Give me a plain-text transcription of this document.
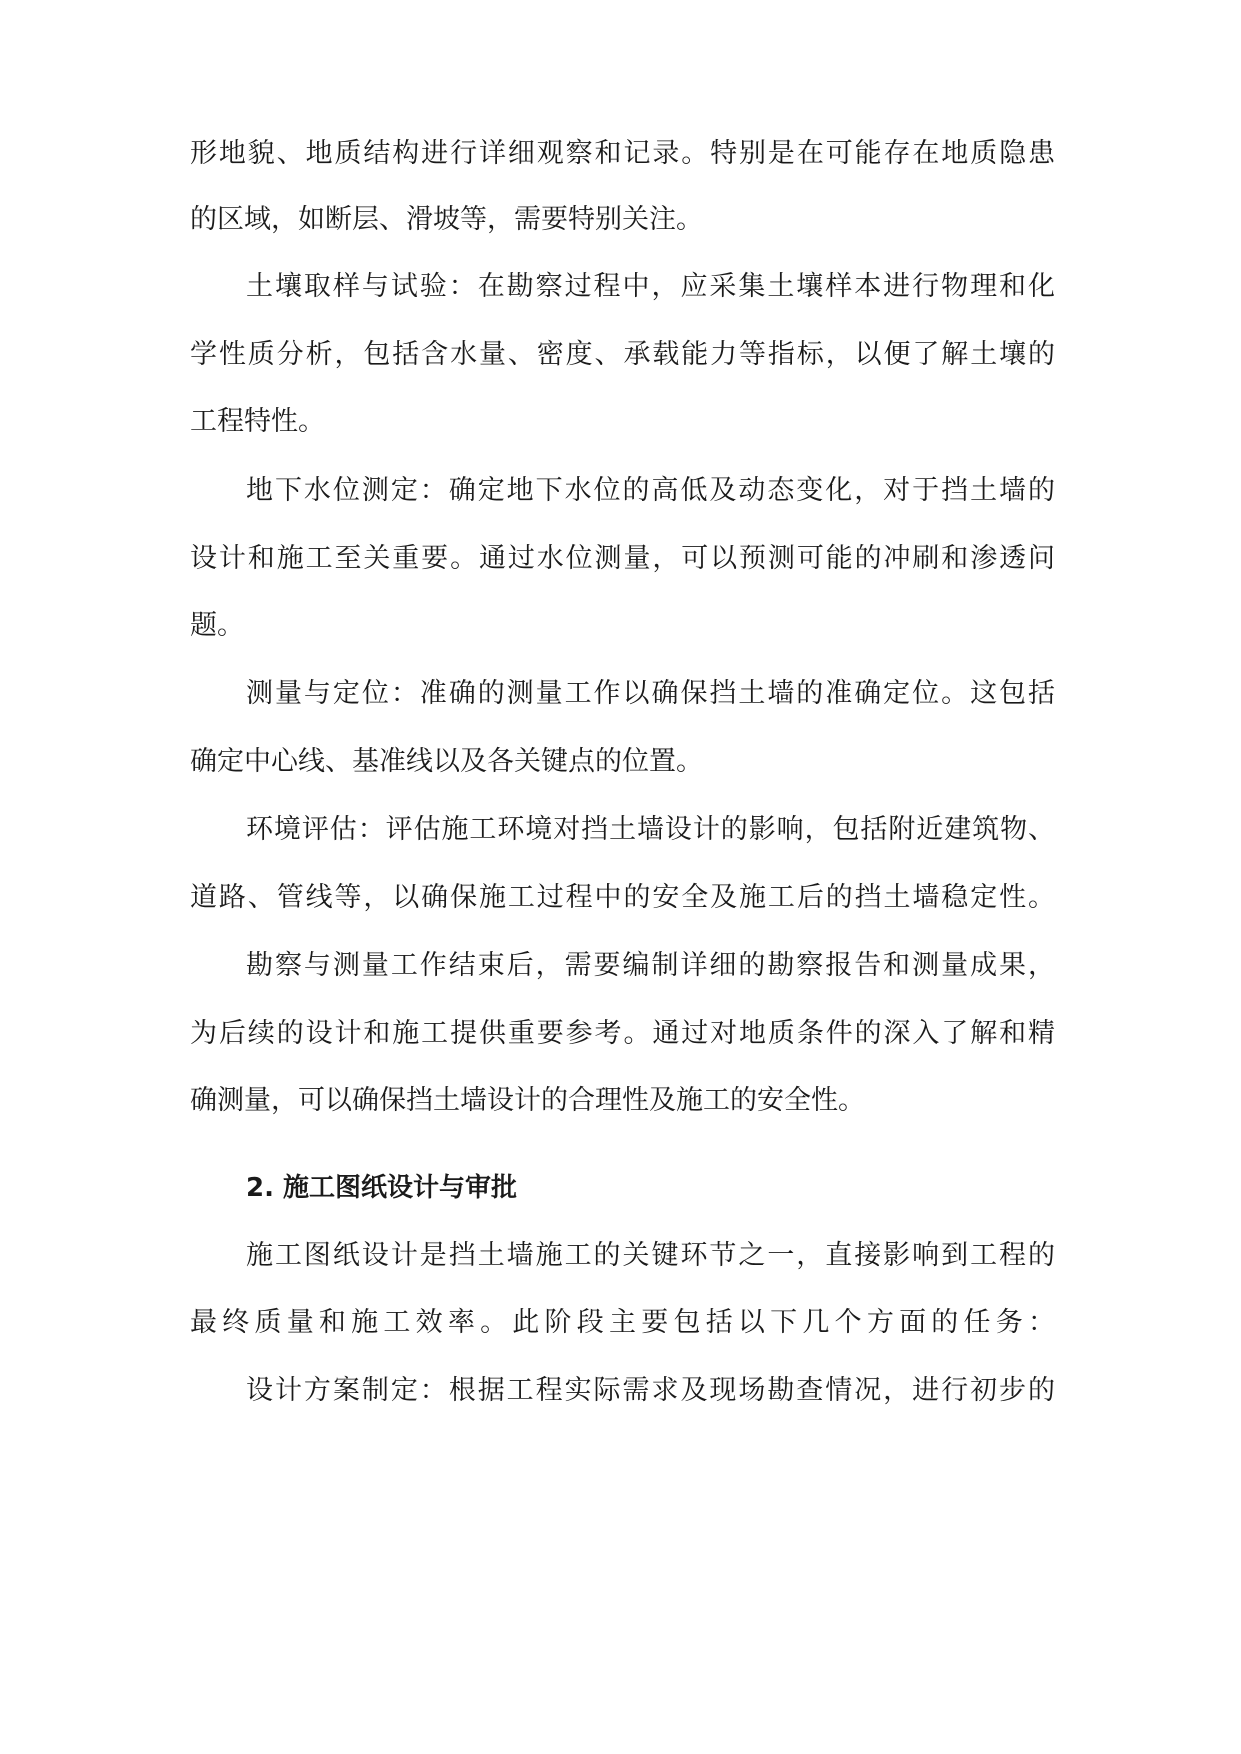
形地貌、地质结构进行详细观察和记录。特别是在可能存在地质隐患
的区域，如断层、滑坡等，需要特别关注。
土壤取样与试验：在勘察过程中，应采集土壤样本进行物理和化
学性质分析，包括含水量、密度、承载能力等指标，以便了解土壤的
工程特性。
地下水位测定：确定地下水位的高低及动态变化，对于挡土墙的
设计和施工至关重要。通过水位测量，可以预测可能的冲刷和渗透问
题。
测量与定位：准确的测量工作以确保挡土墙的准确定位。这包括
确定中心线、基准线以及各关键点的位置。
环境评估：评估施工环境对挡土墙设计的影响，包括附近建筑物、
道路、管线等，以确保施工过程中的安全及施工后的挡土墙稳定性。
勘察与测量工作结束后，需要编制详细的勘察报告和测量成果，
为后续的设计和施工提供重要参考。通过对地质条件的深入了解和精
确测量，可以确保挡土墙设计的合理性及施工的安全性。
2. 施工图纸设计与审批
施工图纸设计是挡土墙施工的关键环节之一，直接影响到工程的
最终质量和施工效率。此阶段主要包括以下几个方面的任务：
设计方案制定：根据工程实际需求及现场勘查情况，进行初步的
